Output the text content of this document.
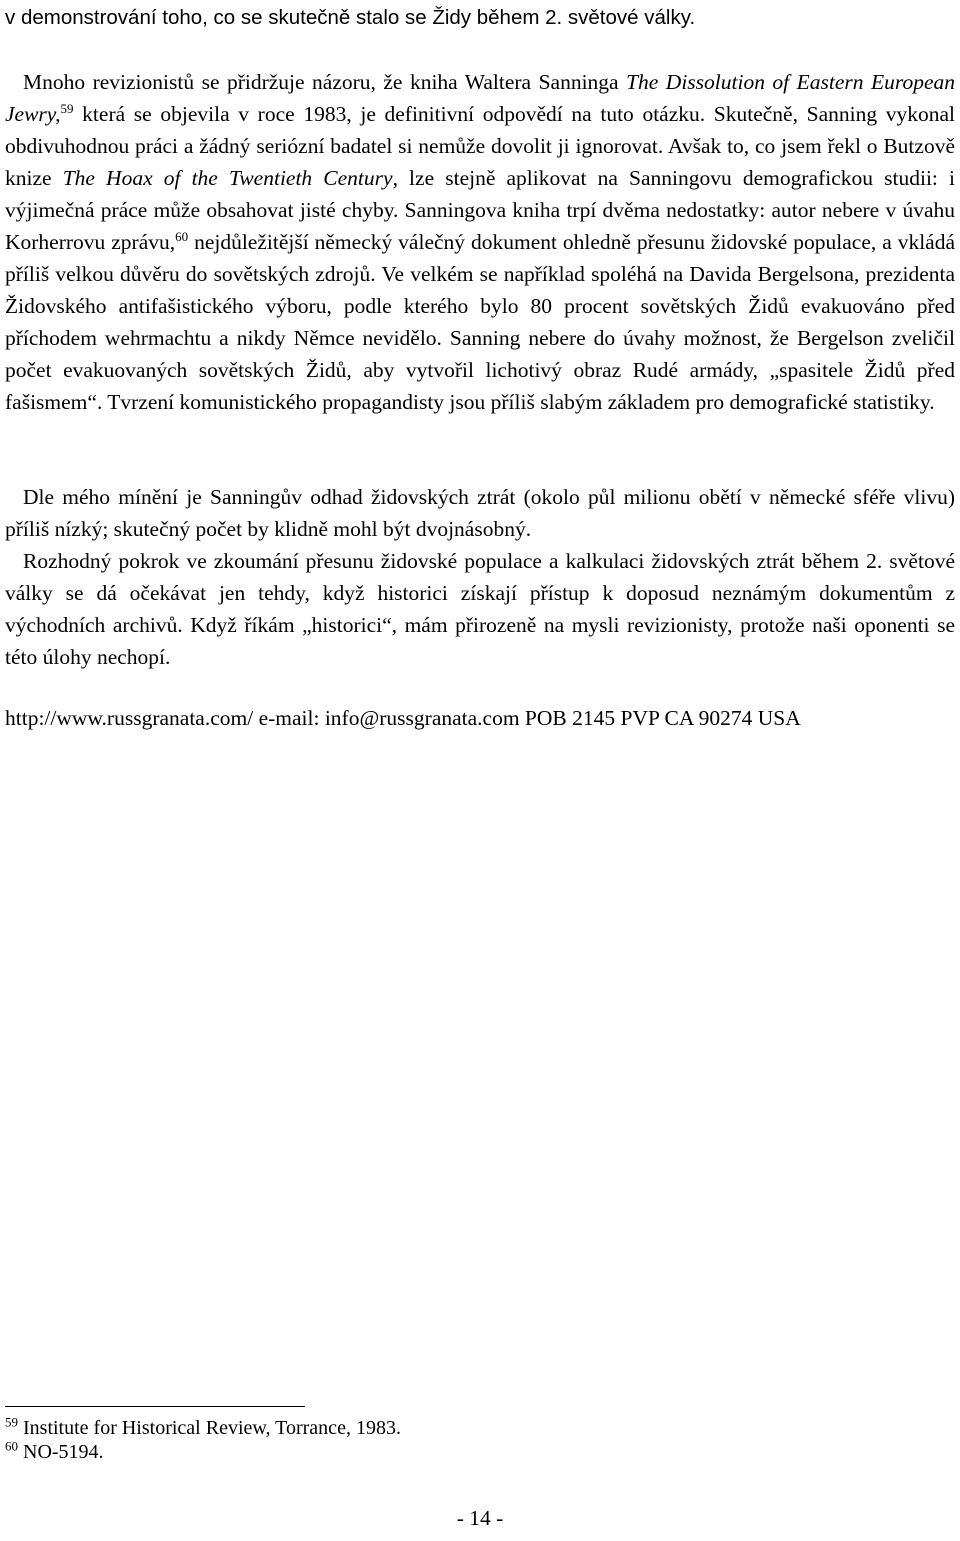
v demonstrování toho, co se skutečně stalo se Židy během 2. světové války.
Mnoho revizionistů se přidržuje názoru, že kniha Waltera Sanninga The Dissolution of Eastern European Jewry,$^{59}$ která se objevila v roce 1983, je definitivní odpovědí na tuto otázku. Skutečně, Sanning vykonal obdivuhodnou práci a žádný seriózní badatel si nemůže dovolit ji ignorovat. Avšak to, co jsem řekl o Butzově knize The Hoax of the Twentieth Century, lze stejně aplikovat na Sanningovu demografickou studii: i výjimečná práce může obsahovat jisté chyby. Sanningova kniha trpí dvěma nedostatky: autor nebere v úvahu Korherrovu zprávu,$^{60}$ nejdůležitější německý válečný dokument ohledně přesunu židovské populace, a vkládá příliš velkou důvěru do sovětských zdrojů. Ve velkém se například spoléhá na Davida Bergelsona, prezidenta Židovského antifašistického výboru, podle kterého bylo 80 procent sovětských Židů evakuováno před příchodem wehrmachtu a nikdy Němce nevidělo. Sanning nebere do úvahy možnost, že Bergelson zveličil počet evakuovaných sovětských Židů, aby vytvořil lichotivý obraz Rudé armády, „spasitele Židů před fašismem“. Tvrzení komunistického propagandisty jsou příliš slabým základem pro demografické statistiky.
Dle mého mínění je Sanningův odhad židovských ztrát (okolo půl milionu obětí v německé sféře vlivu) příliš nízký; skutečný počet by klidně mohl být dvojnásobný.
Rozhodný pokrok ve zkoumání přesunu židovské populace a kalkulaci židovských ztrát během 2. světové války se dá očekávat jen tehdy, když historici získají přístup k doposud neznámým dokumentům z východních archivů. Když říkám „historici“, mám přirozeně na mysli revizionisty, protože naši oponenti se této úlohy nechopí.
http://www.russgranata.com/ e-mail: info@russgranata.com POB 2145 PVP CA 90274 USA
$^{59}$ Institute for Historical Review, Torrance, 1983.
$^{60}$ NO-5194.
- 14 -
